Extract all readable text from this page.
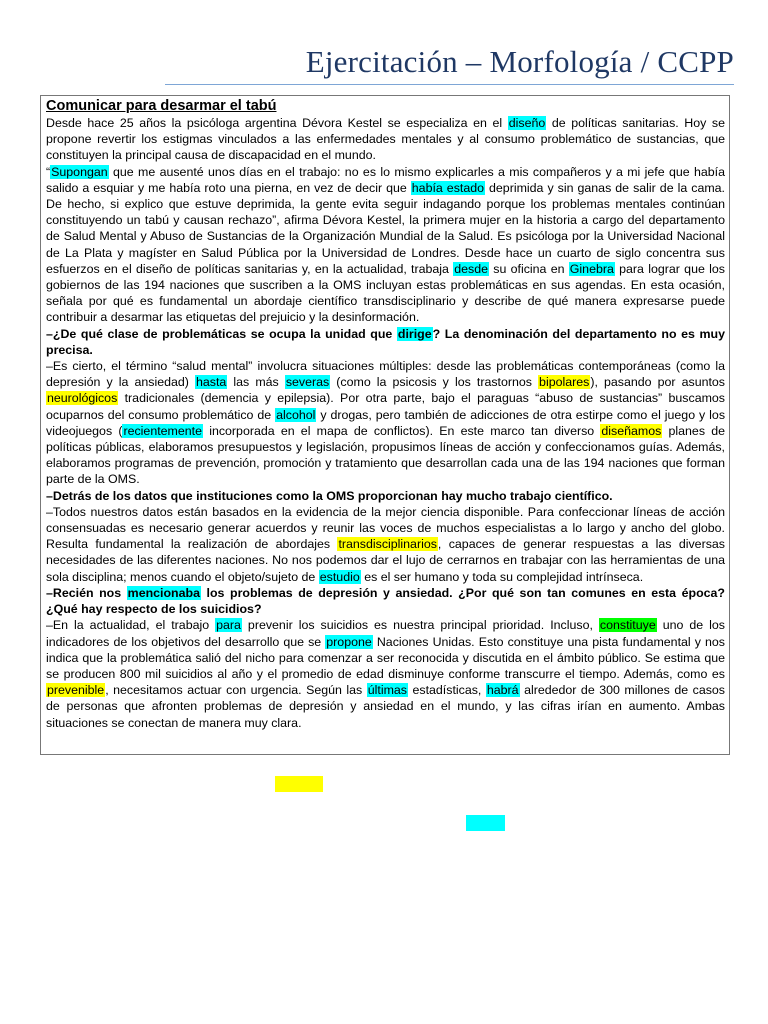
Ejercitación – Morfología / CCPP
Comunicar para desarmar el tabú

Desde hace 25 años la psicóloga argentina Dévora Kestel se especializa en el diseño de políticas sanitarias. Hoy se propone revertir los estigmas vinculados a las enfermedades mentales y al consumo problemático de sustancias, que constituyen la principal causa de discapacidad en el mundo.

“Supongan que me ausenté unos días en el trabajo: no es lo mismo explicarles a mis compañeros y a mi jefe que había salido a esquiar y me había roto una pierna, en vez de decir que había estado deprimida y sin ganas de salir de la cama. De hecho, si explico que estuve deprimida, la gente evita seguir indagando porque los problemas mentales continúan constituyendo un tabú y causan rechazo”, afirma Dévora Kestel, la primera mujer en la historia a cargo del departamento de Salud Mental y Abuso de Sustancias de la Organización Mundial de la Salud. Es psicóloga por la Universidad Nacional de La Plata y magíster en Salud Pública por la Universidad de Londres. Desde hace un cuarto de siglo concentra sus esfuerzos en el diseño de políticas sanitarias y, en la actualidad, trabaja desde su oficina en Ginebra para lograr que los gobiernos de las 194 naciones que suscriben a la OMS incluyan estas problemáticas en sus agendas. En esta ocasión, señala por qué es fundamental un abordaje científico transdisciplinario y describe de qué manera expresarse puede contribuir a desarmar las etiquetas del prejuicio y la desinformación.

–¿De qué clase de problemáticas se ocupa la unidad que dirige? La denominación del departamento no es muy precisa.

–Es cierto, el término “salud mental” involucra situaciones múltiples: desde las problemáticas contemporáneas (como la depresión y la ansiedad) hasta las más severas (como la psicosis y los trastornos bipolares), pasando por asuntos neurológicos tradicionales (demencia y epilepsia). Por otra parte, bajo el paraguas “abuso de sustancias” buscamos ocuparnos del consumo problemático de alcohol y drogas, pero también de adicciones de otra estirpe como el juego y los videojuegos (recientemente incorporada en el mapa de conflictos). En este marco tan diverso diseñamos planes de políticas públicas, elaboramos presupuestos y legislación, propusimos líneas de acción y confeccionamos guías. Además, elaboramos programas de prevención, promoción y tratamiento que desarrollan cada una de las 194 naciones que forman parte de la OMS.

–Detrás de los datos que instituciones como la OMS proporcionan hay mucho trabajo científico.

–Todos nuestros datos están basados en la evidencia de la mejor ciencia disponible. Para confeccionar líneas de acción consensuadas es necesario generar acuerdos y reunir las voces de muchos especialistas a lo largo y ancho del globo. Resulta fundamental la realización de abordajes transdisciplinarios, capaces de generar respuestas a las diversas necesidades de las diferentes naciones. No nos podemos dar el lujo de cerrarnos en trabajar con las herramientas de una sola disciplina; menos cuando el objeto/sujeto de estudio es el ser humano y toda su complejidad intrínseca.

–Recién nos mencionaba los problemas de depresión y ansiedad. ¿Por qué son tan comunes en esta época? ¿Qué hay respecto de los suicidios?

–En la actualidad, el trabajo para prevenir los suicidios es nuestra principal prioridad. Incluso, constituye uno de los indicadores de los objetivos del desarrollo que se propone Naciones Unidas. Esto constituye una pista fundamental y nos indica que la problemática salió del nicho para comenzar a ser reconocida y discutida en el ámbito público. Se estima que se producen 800 mil suicidios al año y el promedio de edad disminuye conforme transcurre el tiempo. Además, como es prevenible, necesitamos actuar con urgencia. Según las últimas estadísticas, habrá alrededor de 300 millones de casos de personas que afronten problemas de depresión y ansiedad en el mundo, y las cifras irían en aumento. Ambas situaciones se conectan de manera muy clara.
